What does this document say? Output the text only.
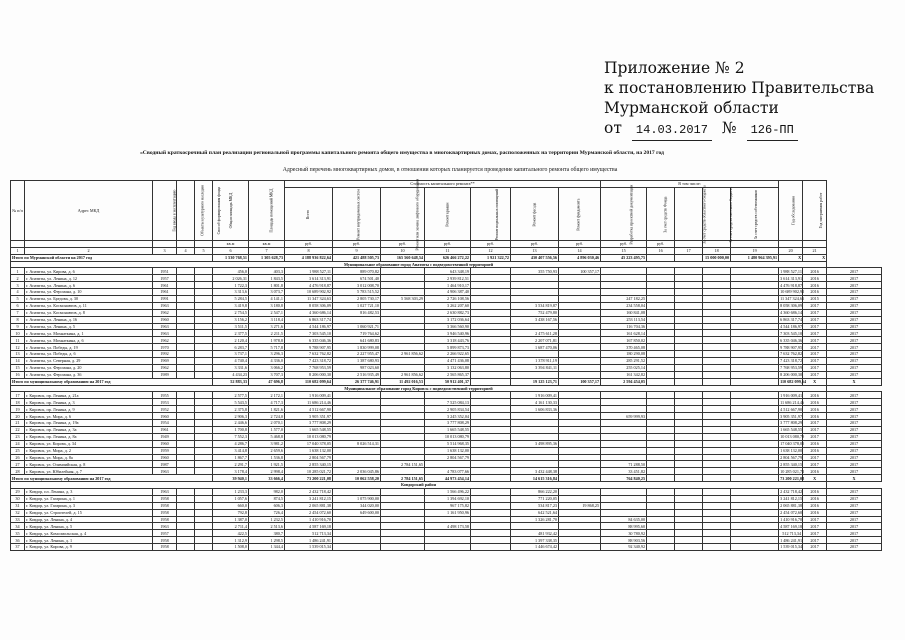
Приложение № 2
к постановлению Правительства
Мурманской области
от	14.03.2017 №	126-ПП
«Сводный краткосрочный план реализации региональной программы капитального ремонта общего имущества в многоквартирных домах, расположенных на территории Мурманской области, на 2017 год
Адресный перечень многоквартирных домов, в отношении которых планируется проведение капитального ремонта общего имущества
№ п/п	Адрес МКД	Год ввода в эксплуатацию	Объекты культурного наследия	Способ формирования фонда	Общая площадь МКД	Площадь помещений МКД	Стоимость капитального ремонта**							В том числе:					Год обследования	Год завершения работ	
							Всего	Ремонт внутридомовых систем	Ремонт или замена лифтового оборудования	Ремонт крыши	Ремонт подвальных помещений	Ремонт фасада	Ремонт фундамента	Разработка проектной документации	За счет средств Фонда	За счет средств областного бюджета	За счет средств местного бюджета	За счет средств собственников			
					кв.м	кв.м	руб.	руб.	руб.	руб.	руб.	руб.	руб.	руб.	руб.						
1	2	3	4	5	6	7	8	9	10	11	12	13	14	15	16	17	18	19	20	21	
Итого по Мурманской области на 2017 год					1 530 768,51	1 305 628,73	4 188 936 822,64	421 488 505,73	165 560 648,54	626 466 272,22	1 921 322,72	430 407 556,56	4 896 030,46	45 223 495,75			15 000 000,00	1 480 964 395,91	X	X	
Муниципальное образование город Апатиты с подведомственной территорией																					
1	г. Апатиты, ул. Кирова, д. 6	1951			456,0	403,3	1 988 527,11	889 070,82		643 348,19		355 750,93	100 357,17						1 988 527,11	2016	2017
2	г. Апатиты, ул. Ленина, д. 12	1957			2 026,31	1 843,5	3 614 313,91	674 501,40		2 939 812,51									3 614 313,91	2016	2017
3	г. Апатиты, ул. Ленина, д. 6	1961			1 722,3	1 801,8	4 476 918,87	3 012 008,70		1 464 910,17									4 476 918,87	2016	2017
4	г. Апатиты, ул. Ферсмана, д. 10	1961			3 313,6	3 073,7	10 689 902,92	5 783 515,52		4 906 387,40									10 689 902,92	2016	2017
5	г. Апатиты, ул. Бредова, д. 30	1991			5 284,5	4 141,1	11 347 324,63	2 805 730,17	5 568 303,29	2 726 108,56				247 182,25					11 347 324,63	2015	2017
6	г. Апатиты, ул. Космонавтов, д. 11	1963			3 419,8	3 180,8	8 058 306,09	1 027 721,10		3 262 207,60		3 534 819,87		234 558,04					8 058 306,09	2017	2017
7	г. Апатиты, ул. Космонавтов, д. 8	1962			2 754,5	2 547,1	4 360 686,14	816 482,53		2 630 882,73		752 479,80		160 841,08					4 360 686,14	2017	2017
8	г. Апатиты, ул. Ленина, д. 16	1960			3 156,2	3 118,4	6 863 317,74			3 172 036,64		3 438 167,56		253 113,54					6 863 317,74	2017	2017
9	г. Апатиты, ул. Ленина, д. 5	1963			3 511,5	3 271,6	4 544 186,97	1 060 921,71		3 366 560,90				116 704,36					4 544 186,97	2017	2017
10	г. Апатиты, ул. Мохнаткина, д. 1	1963			2 377,5	2 211,5	7 303 545,10	719 764,62		3 946 540,96		2 475 611,28		161 628,14					7 303 545,10	2017	2017
11	г. Апатиты, ул. Мохнаткина, д. 6	1962			2 120,4	1 978,8	6 335 046,36	641 680,83		3 318 443,76		2 207 071,81		167 850,02					6 335 046,36	2017	2017
12	г. Апатиты, ул. Победы, д. 19	1970			6 283,7	5 717,8	9 788 907,95	1 830 999,08		5 899 873,73		1 687 470,06		370 465,08					9 788 907,95	2017	2017
13	г. Апатиты, ул. Победы, д. 6	1992			3 737,1	3 296,3	7 632 762,82	2 227 955,47	2 961 856,62	2 266 922,65				180 290,08					7 632 762,82	2017	2017
14	г. Апатиты, ул. Северная, д. 29	1969			4 740,4	4 336,0	7 423 318,72	1 387 680,93		4 471 436,08		1 378 911,19		285 291,52					7 423 318,72	2017	2017
15	г. Апатиты, ул. Ферсмана, д. 20	1962			3 331,6	3 066,2	7 768 953,59	987 023,60		3 132 063,80		3 394 841,11		255 025,14					7 768 953,59	2017	2017
16	г. Апатиты, ул. Ферсмана, д. 36	1989			4 434,23	3 707,3	8 206 000,30	2 516 935,49	2 961 856,62	2 565 865,37				161 342,82					8 206 000,30	2017	2017
Итого по муниципальному образованию на 2017 год					52 883,33	47 696,8	110 682 099,64	26 377 746,91	11 492 016,53	50 912 401,37		19 125 123,71	100 357,17	2 594 454,05					110 682 099,64	X	X
Муниципальное образование город Кировск с подведомственной территорией																					
17	г. Кировск, пр. Ленина, д. 21а	1955			2 577,5	2 172,1	1 916 009,41					1 916 009,41							1 916 009,41	2016	2017
18	г. Кировск, пр. Ленина, д. 3	1953			5 543,5	4 717,3	11 686 214,46			7 525 084,13		4 161 130,33							11 686 214,46	2016	2017
19	г. Кировск, пр. Ленина, д. 9	1952			2 375,8	1 821,6	4 512 667,90			2 905 834,54		1 606 833,36							4 512 667,90	2016	2017
20	г. Кировск, ул. Мира, д. 6	1960			2 906,3	2 724,0	3 905 351,97			3 245 352,04				659 999,93					3 905 351,97	2016	2017
21	г. Кировск, пр. Ленина, д. 19а	1954			2 446,6	2 070,1	3 777 808,29			3 777 808,29									3 777 808,29	2017	2017
22	г. Кировск, пр. Ленина, д. 3а	1961			1 700,8	1 577,0	1 665 548,55			1 665 548,55									1 665 548,55	2017	2017
23	г. Кировск, пр. Ленина, д. 8а	1949			7 552,3	5 468,8	10 013 080,79			10 013 080,79									10 013 080,79	2017	2017
24	г. Кировск, ул. Кирова, д. 34	1960			4 286,7	3 981,2	17 040 378,05	8 026 514,31		5 514 968,35		3 498 895,36							17 040 378,05	2016	2017
25	г. Кировск, ул. Мира, д. 2	1959			3 414,8	2 659,6	1 638 132,00			1 638 132,00									1 638 132,00	2016	2017
26	г. Кировск, ул. Мира, д. 8а	1960			1 867,7	1 536,8	2 804 567,79			2 804 567,79									2 804 567,79	2017	2017
27	г. Кировск, ул. Олимпийская, д. 8	1987			2 291,7	1 921,5	2 855 340,15		2 784 151,65					71 288,50					2 855 340,15	2017	2017
28	г. Кировск, ул. Юбилейная, д. 7	1963			3 178,4	2 998,4	10 285 021,72	2 036 045,86		4 783 077,66		3 432 448,38		33 451,82					10 285 021,72	2016	2017
Итого по муниципальному образованию на 2017 год					39 940,1	33 666,4	73 200 221,08	10 062 558,20	2 784 151,65	44 973 454,14		14 615 316,84		764 840,25					73 200 221,08	X	X
Ковдорский район																					
29	г. Ковдор, пл. Ленина, д. 3	1963			1 233,3	982,0	2 432 718,42			1 566 496,22		866 222,20							2 432 718,42	2016	2017
30	г. Ковдор, ул. Гагарина, д. 1	1958			1 057,6	874,5	3 241 812,15	1 075 900,00		1 394 692,10		771 220,05							3 241 812,15	2016	2017
31	г. Ковдор, ул. Гагарина, д. 3	1958			660,0	606,3	2 065 881,38	344 020,00		967 175,82		534 817,23	19 868,25						2 065 881,38	2016	2017
32	г. Ковдор, ул. Строителей, д. 15	1958			792,8	726,4	2 454 072,60	649 600,00		1 161 950,96		642 521,64							2 454 072,60	2016	2017
33	г. Ковдор, ул. Ленина, д. 4	1958			1 387,0	1 232,5	1 410 916,70					1 326 281,70		84 635,00					1 410 916,70	2017	2017
34	г. Ковдор, ул. Ленина, д. 5	1963			2 711,4	2 513,6	4 587 169,18			4 498 173,58				88 995,60					4 587 169,18	2017	2017
35	г. Ковдор, ул. Комсомольская, д. 4	1957			422,5	380,7	512 713,34					481 932,42		30 780,92					512 713,34	2017	2017
36	г. Ковдор, ул. Ленина, д. 1	1958			1 312,9	1 298,5	1 486 241,91					1 397 338,35		88 903,56					1 486 241,91	2017	2017
37	г. Ковдор, ул. Кирова, д. 9	1958			1 508,0	1 344,4	1 539 015,34					1 446 674,42		92 340,92					1 539 015,34	2017	2017
